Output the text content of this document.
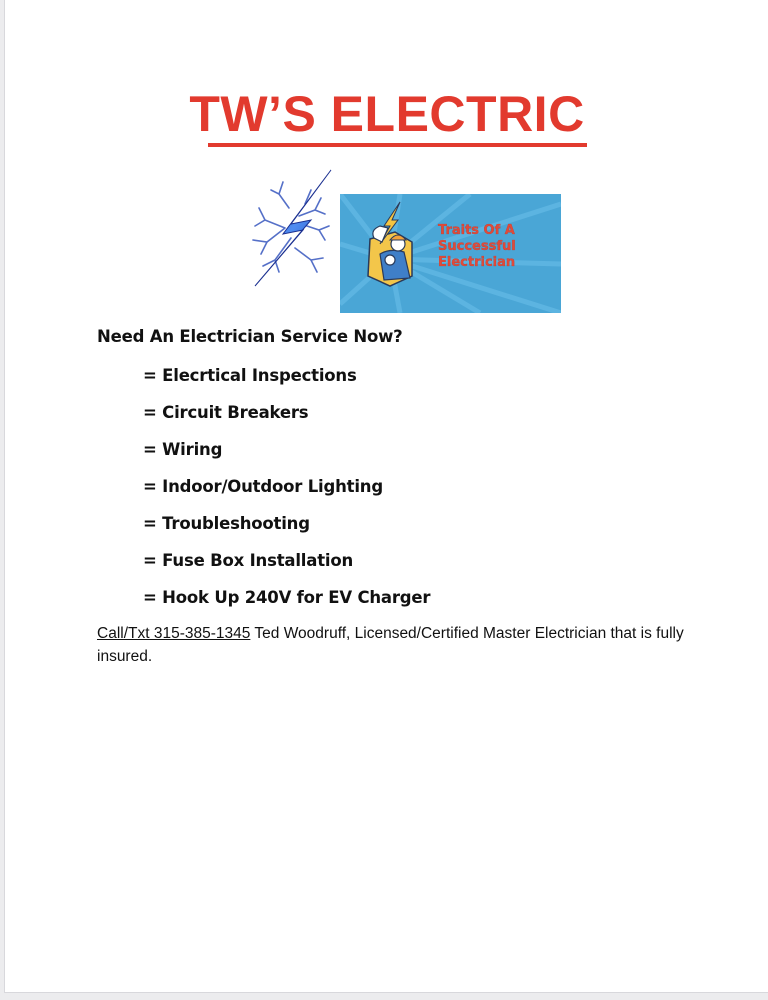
TW’S ELECTRIC
Traits Of A
Successful
Electrician
Need An Electrician Service Now?
= Elecrtical Inspections
= Circuit Breakers
= Wiring
= Indoor/Outdoor Lighting
= Troubleshooting
= Fuse Box Installation
= Hook Up 240V for EV Charger
Call/Txt 315-385-1345 Ted Woodruff, Licensed/Certified Master Electrician that is fully insured.
